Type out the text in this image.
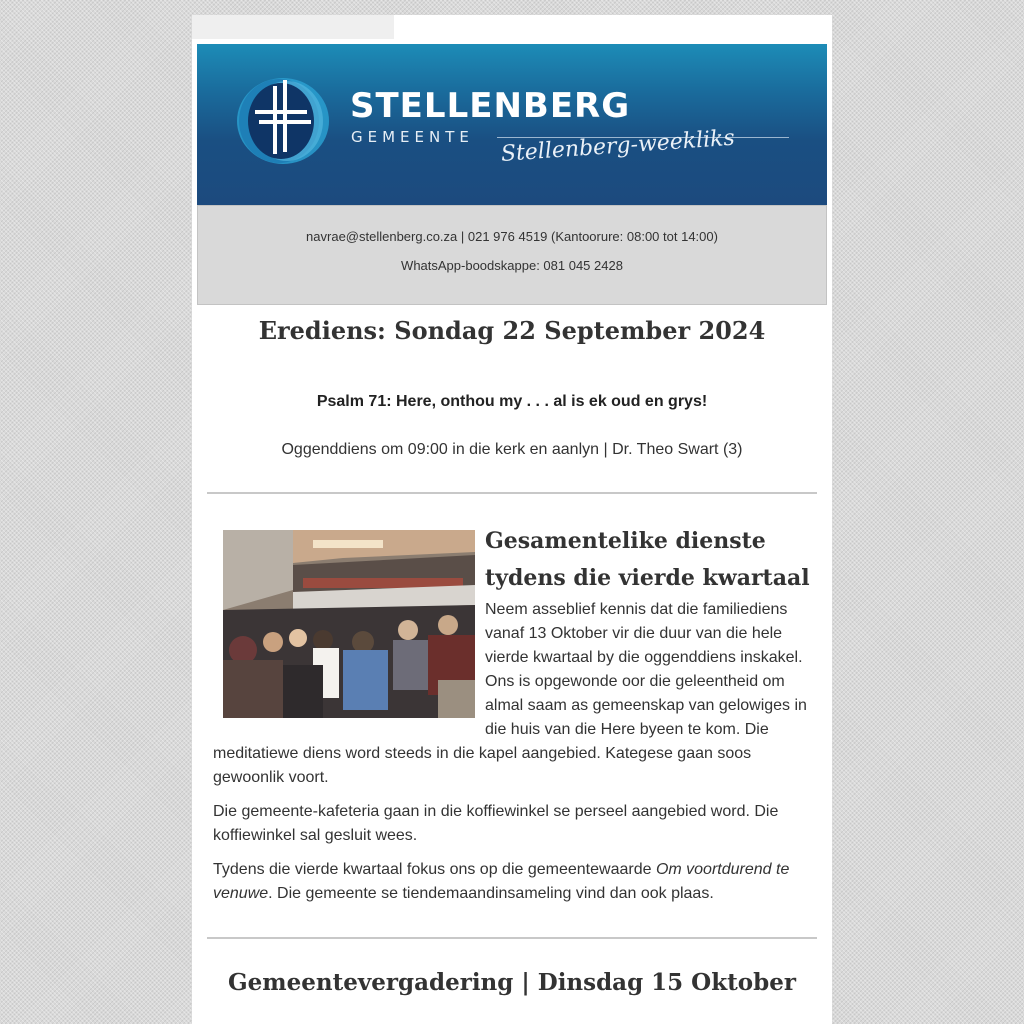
STELLENBERG
GEMEENTE Stellenberg-weekliks
navrae@stellenberg.co.za | 021 976 4519 (Kantoorure: 08:00 tot 14:00)
WhatsApp-boodskappe: 081 045 2428
Erediens: Sondag 22 September 2024
Psalm 71: Here, onthou my . . . al is ek oud en grys!
Oggenddiens om 09:00 in die kerk en aanlyn | Dr. Theo Swart (3)
Gesamentelike dienste tydens die vierde kwartaal

Neem asseblief kennis dat die familiediens vanaf 13 Oktober vir die duur van die hele vierde kwartaal by die oggenddiens inskakel. Ons is opgewonde oor die geleentheid om almal saam as gemeenskap van gelowiges in die huis van die Here byeen te kom. Die meditatiewe diens word steeds in die kapel aangebied. Kategese gaan soos gewoonlik voort.

Die gemeente-kafeteria gaan in die koffiewinkel se perseel aangebied word. Die koffiewinkel sal gesluit wees.

Tydens die vierde kwartaal fokus ons op die gemeentewaarde Om voortdurend te venuwe. Die gemeente se tiendemaandinsameling vind dan ook plaas.

Gemeentevergadering | Dinsdag 15 Oktober
